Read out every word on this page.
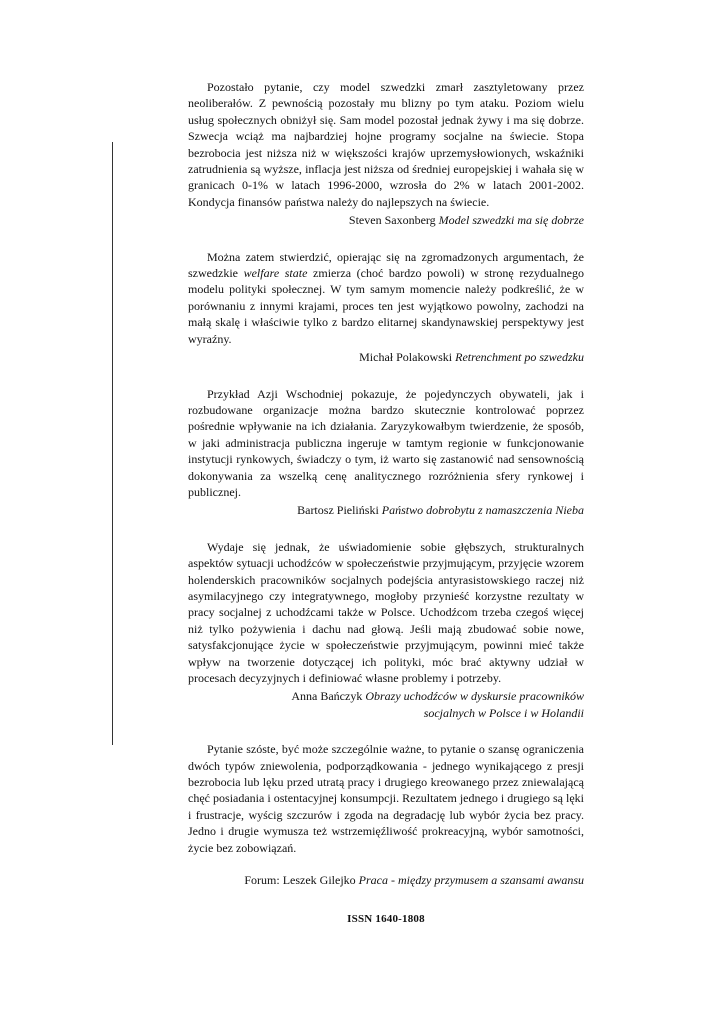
Pozostało pytanie, czy model szwedzki zmarł zasztyletowany przez neoliberałów. Z pewnością pozostały mu blizny po tym ataku. Poziom wielu usług społecznych obniżył się. Sam model pozostał jednak żywy i ma się dobrze. Szwecja wciąż ma najbardziej hojne programy socjalne na świecie. Stopa bezrobocia jest niższa niż w większości krajów uprzemysłowionych, wskaźniki zatrudnienia są wyższe, inflacja jest niższa od średniej europejskiej i wahała się w granicach 0-1% w latach 1996-2000, wzrosła do 2% w latach 2001-2002. Kondycja finansów państwa należy do najlepszych na świecie.

Steven Saxonberg Model szwedzki ma się dobrze

Można zatem stwierdzić, opierając się na zgromadzonych argumentach, że szwedzkie welfare state zmierza (choć bardzo powoli) w stronę rezydualnego modelu polityki społecznej. W tym samym momencie należy podkreślić, że w porównaniu z innymi krajami, proces ten jest wyjątkowo powolny, zachodzi na małą skalę i właściwie tylko z bardzo elitarnej skandynawskiej perspektywy jest wyraźny.

Michał Polakowski Retrenchment po szwedzku

Przykład Azji Wschodniej pokazuje, że pojedynczych obywateli, jak i rozbudowane organizacje można bardzo skutecznie kontrolować poprzez pośrednie wpływanie na ich działania. Zaryzykowałbym twierdzenie, że sposób, w jaki administracja publiczna ingeruje w tamtym regionie w funkcjonowanie instytucji rynkowych, świadczy o tym, iż warto się zastanowić nad sensownością dokonywania za wszelką cenę analitycznego rozróżnienia sfery rynkowej i publicznej.

Bartosz Pieliński Państwo dobrobytu z namaszczenia Nieba

Wydaje się jednak, że uświadomienie sobie głębszych, strukturalnych aspektów sytuacji uchodźców w społeczeństwie przyjmującym, przyjęcie wzorem holenderskich pracowników socjalnych podejścia antyrasistowskiego raczej niż asymilacyjnego czy integratywnego, mogłoby przynieść korzystne rezultaty w pracy socjalnej z uchodźcami także w Polsce. Uchodźcom trzeba czegoś więcej niż tylko pożywienia i dachu nad głową. Jeśli mają zbudować sobie nowe, satysfakcjonujące życie w społeczeństwie przyjmującym, powinni mieć także wpływ na tworzenie dotyczącej ich polityki, móc brać aktywny udział w procesach decyzyjnych i definiować własne problemy i potrzeby.

Anna Bańczyk Obrazy uchodźców w dyskursie pracowników
socjalnych w Polsce i w Holandii

Pytanie szóste, być może szczególnie ważne, to pytanie o szansę ograniczenia dwóch typów zniewolenia, podporządkowania - jednego wynikającego z presji bezrobocia lub lęku przed utratą pracy i drugiego kreowanego przez zniewalającą chęć posiadania i ostentacyjnej konsumpcji. Rezultatem jednego i drugiego są lęki i frustracje, wyścig szczurów i zgoda na degradację lub wybór życia bez pracy. Jedno i drugie wymusza też wstrzemięźliwość prokreacyjną, wybór samotności, życie bez zobowiązań.

Forum: Leszek Gilejko Praca - między przymusem a szansami awansu

ISSN 1640-1808
